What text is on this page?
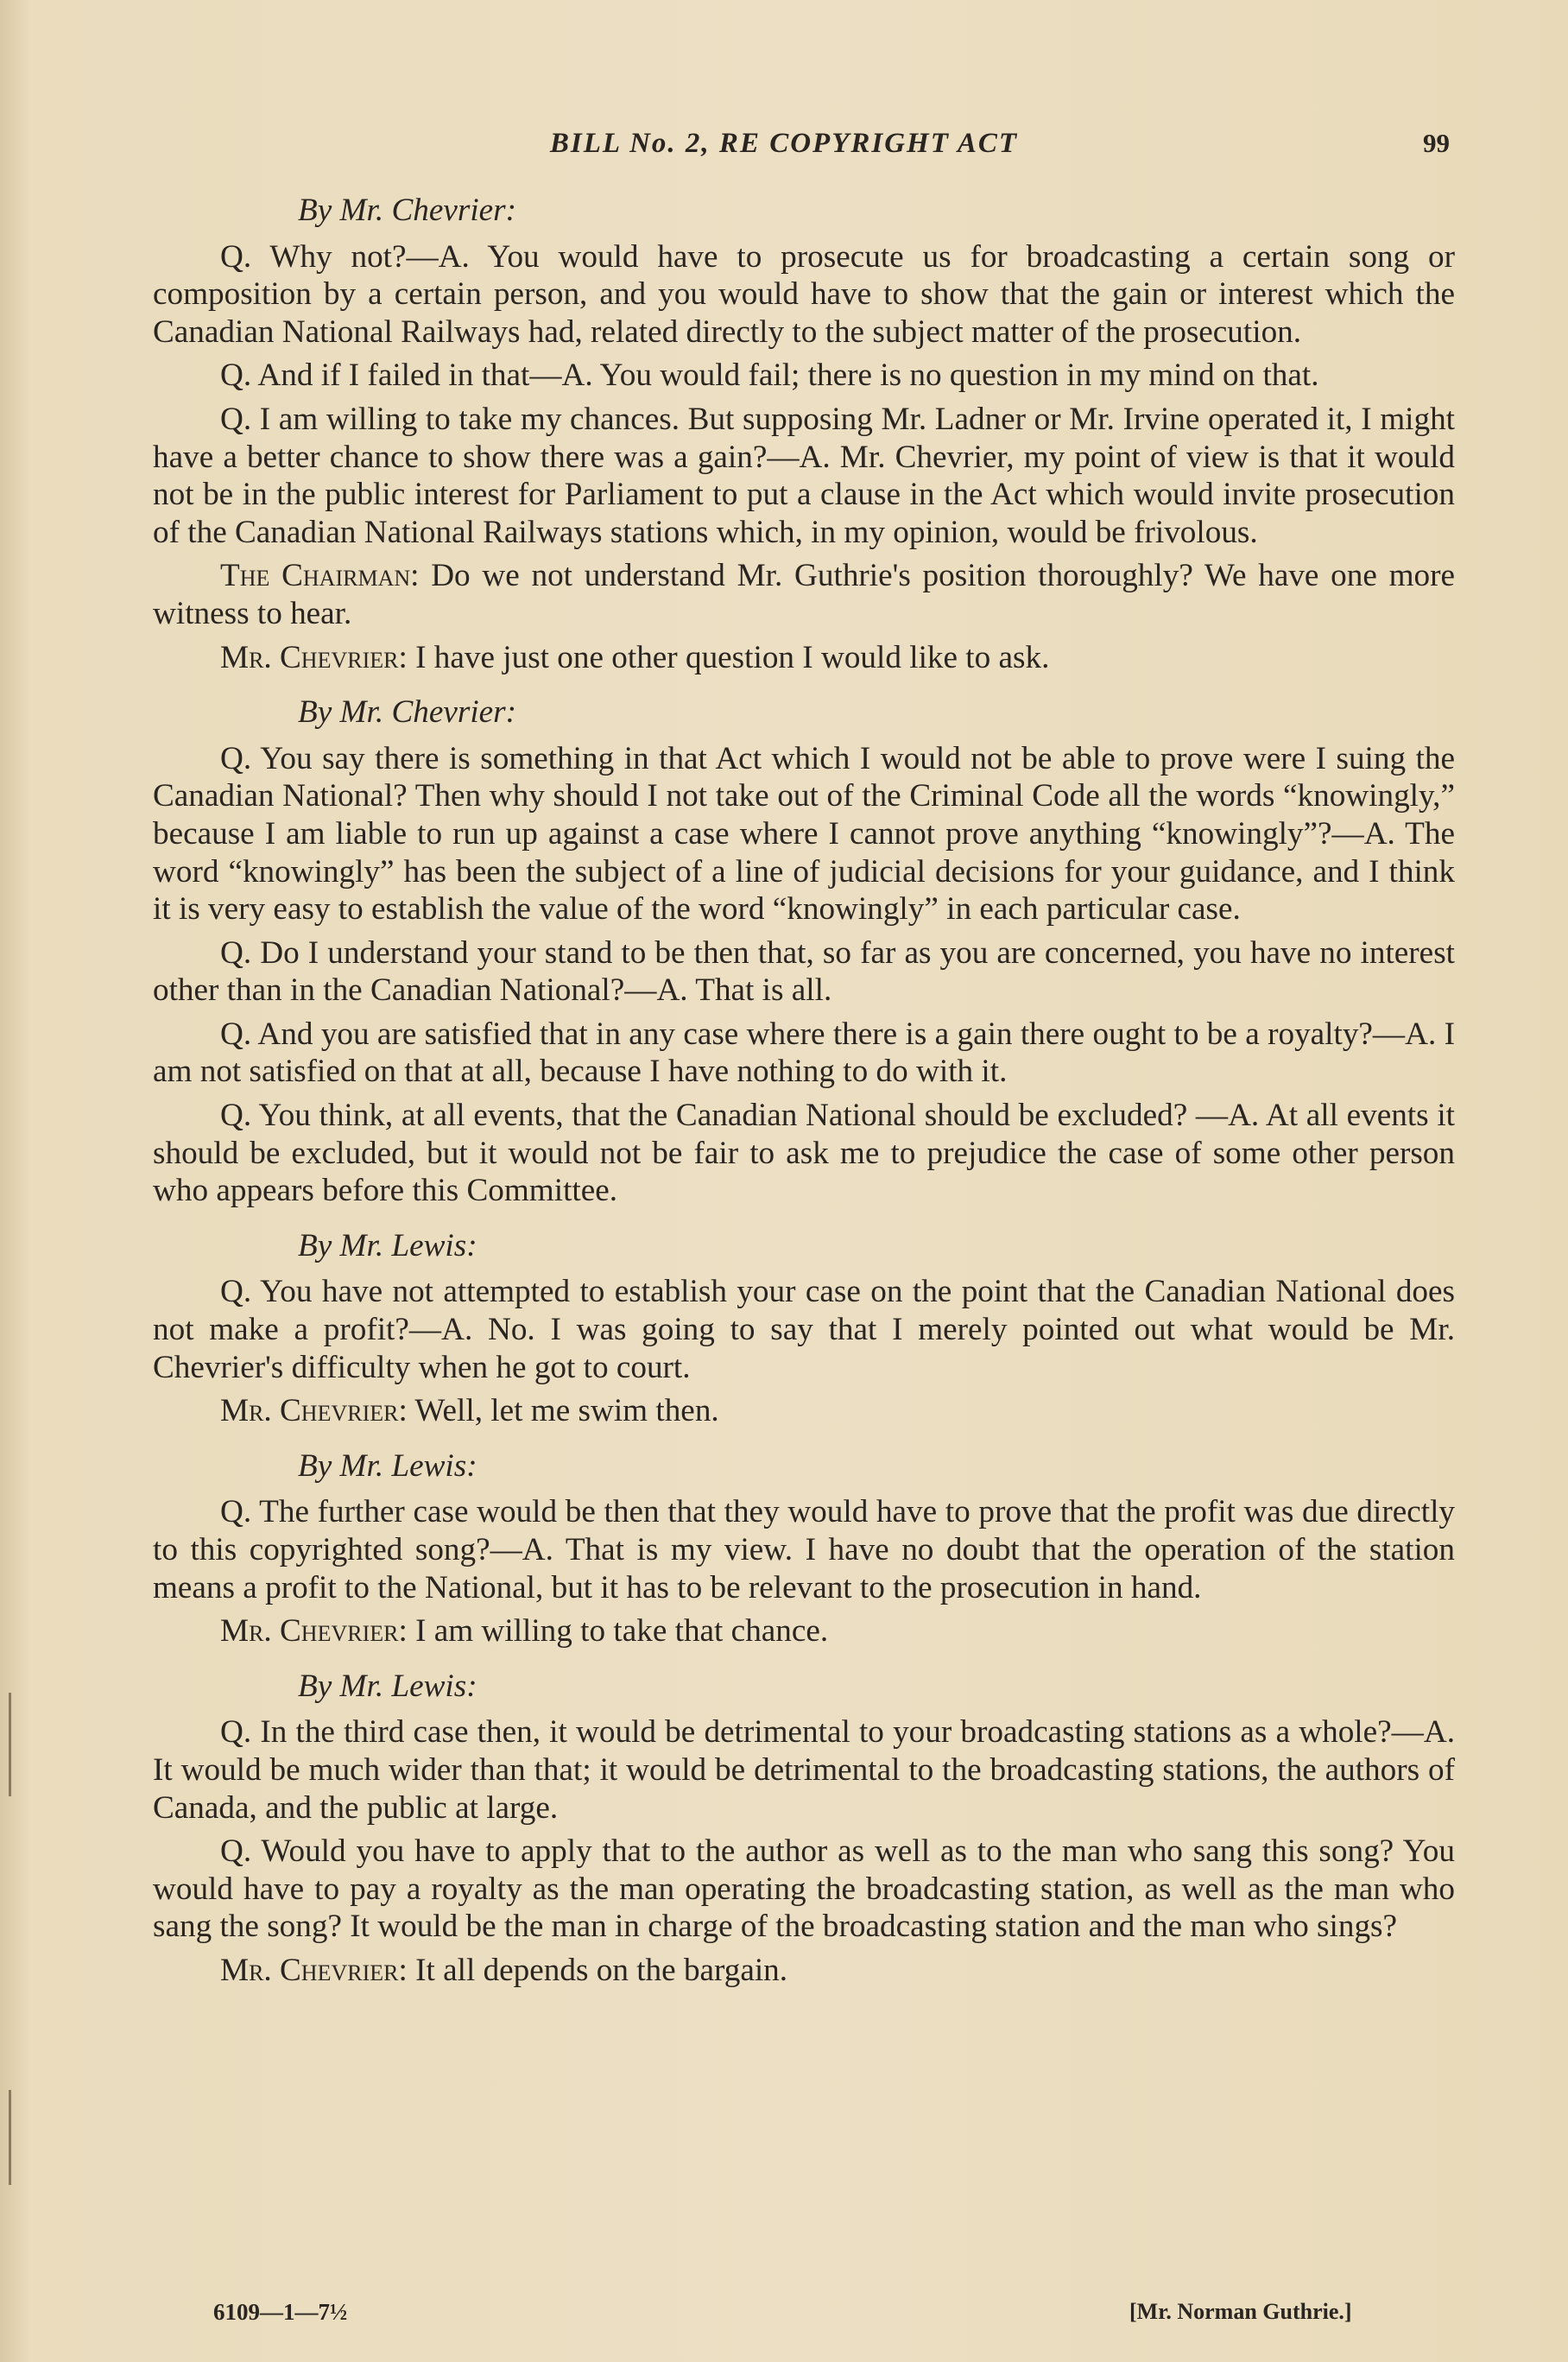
BILL No. 2, RE COPYRIGHT ACT	99

By Mr. Chevrier:

Q. Why not?—A. You would have to prosecute us for broadcasting a certain song or composition by a certain person, and you would have to show that the gain or interest which the Canadian National Railways had, related directly to the subject matter of the prosecution.

Q. And if I failed in that—A. You would fail; there is no question in my mind on that.

Q. I am willing to take my chances. But supposing Mr. Ladner or Mr. Irvine operated it, I might have a better chance to show there was a gain?—A. Mr. Chevrier, my point of view is that it would not be in the public interest for Parliament to put a clause in the Act which would invite prosecution of the Canadian National Railways stations which, in my opinion, would be frivolous.

The Chairman: Do we not understand Mr. Guthrie's position thoroughly? We have one more witness to hear.

Mr. Chevrier: I have just one other question I would like to ask.

By Mr. Chevrier:

Q. You say there is something in that Act which I would not be able to prove were I suing the Canadian National? Then why should I not take out of the Criminal Code all the words “knowingly,” because I am liable to run up against a case where I cannot prove anything “knowingly”?—A. The word “knowingly” has been the subject of a line of judicial decisions for your guidance, and I think it is very easy to establish the value of the word “knowingly” in each particular case.

Q. Do I understand your stand to be then that, so far as you are concerned, you have no interest other than in the Canadian National?—A. That is all.

Q. And you are satisfied that in any case where there is a gain there ought to be a royalty?—A. I am not satisfied on that at all, because I have nothing to do with it.

Q. You think, at all events, that the Canadian National should be excluded? —A. At all events it should be excluded, but it would not be fair to ask me to prejudice the case of some other person who appears before this Committee.

By Mr. Lewis:

Q. You have not attempted to establish your case on the point that the Canadian National does not make a profit?—A. No. I was going to say that I merely pointed out what would be Mr. Chevrier's difficulty when he got to court.

Mr. Chevrier: Well, let me swim then.

By Mr. Lewis:

Q. The further case would be then that they would have to prove that the profit was due directly to this copyrighted song?—A. That is my view. I have no doubt that the operation of the station means a profit to the National, but it has to be relevant to the prosecution in hand.

Mr. Chevrier: I am willing to take that chance.

By Mr. Lewis:

Q. In the third case then, it would be detrimental to your broadcasting stations as a whole?—A. It would be much wider than that; it would be detrimental to the broadcasting stations, the authors of Canada, and the public at large.

Q. Would you have to apply that to the author as well as to the man who sang this song? You would have to pay a royalty as the man operating the broadcasting station, as well as the man who sang the song? It would be the man in charge of the broadcasting station and the man who sings?

Mr. Chevrier: It all depends on the bargain.

6109—1—7½	[Mr. Norman Guthrie.]
